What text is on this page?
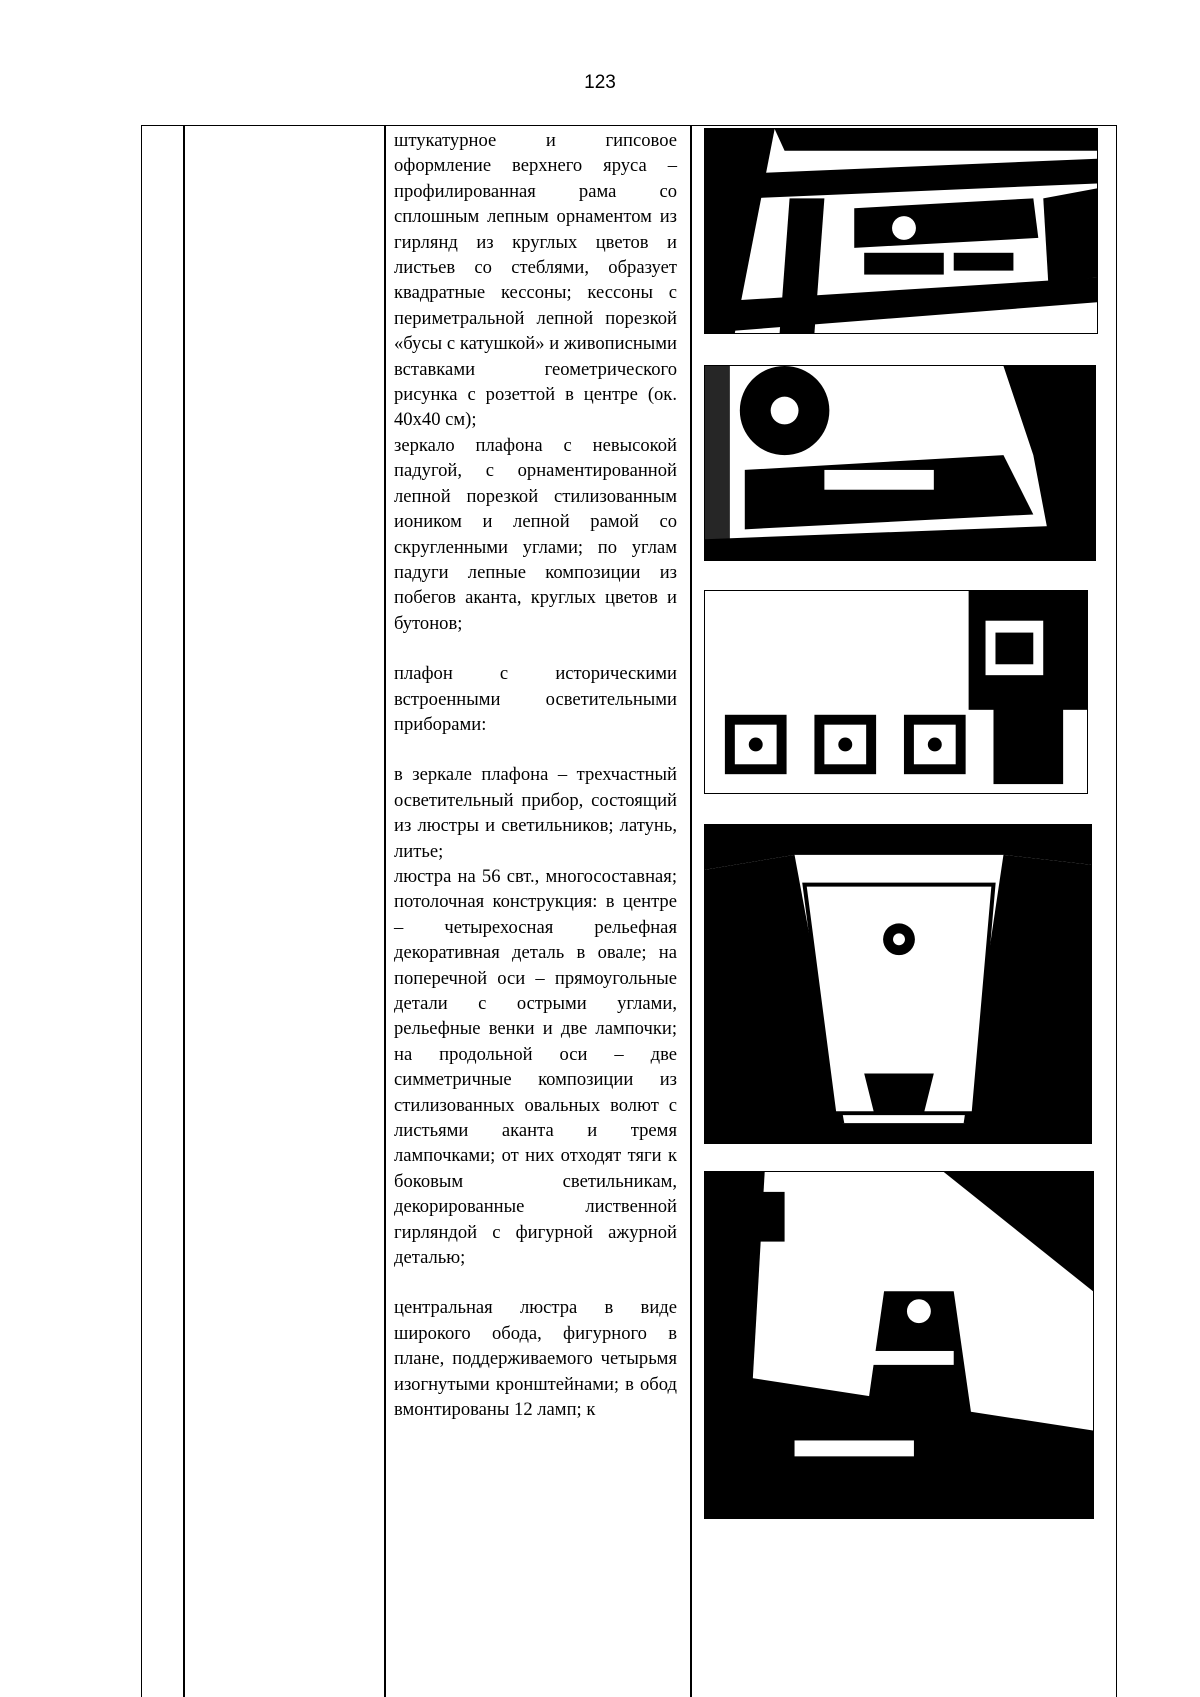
123

штукатурное и гипсовое оформление верхнего яруса – профилированная рама со сплошным лепным орнаментом из гирлянд из круглых цветов и листьев со стеблями, образует квадратные кессоны; кессоны с периметральной лепной порезкой «бусы с катушкой» и живописными вставками геометрического рисунка с розеттой в центре (ок. 40х40 см);

зеркало плафона с невысокой падугой, с орнаментированной лепной порезкой стилизованным иоником и лепной рамой со скругленными углами; по углам падуги лепные композиции из побегов аканта, круглых цветов и бутонов;

плафон с историческими встроенными осветительными приборами:

в зеркале плафона – трехчастный осветительный прибор, состоящий из люстры и светильников; латунь, литье;

люстра на 56 свт., многосоставная; потолочная конструкция: в центре – четырехосная рельефная декоративная деталь в овале; на поперечной оси – прямоугольные детали с острыми углами, рельефные венки и две лампочки; на продольной оси – две симметричные композиции из стилизованных овальных волют с листьями аканта и тремя лампочками; от них отходят тяги к боковым светильникам, декорированные лиственной гирляндой с фигурной ажурной деталью;

центральная люстра в виде широкого обода, фигурного в плане, поддерживаемого четырьмя изогнутыми кронштейнами; в обод вмонтированы 12 ламп; к
